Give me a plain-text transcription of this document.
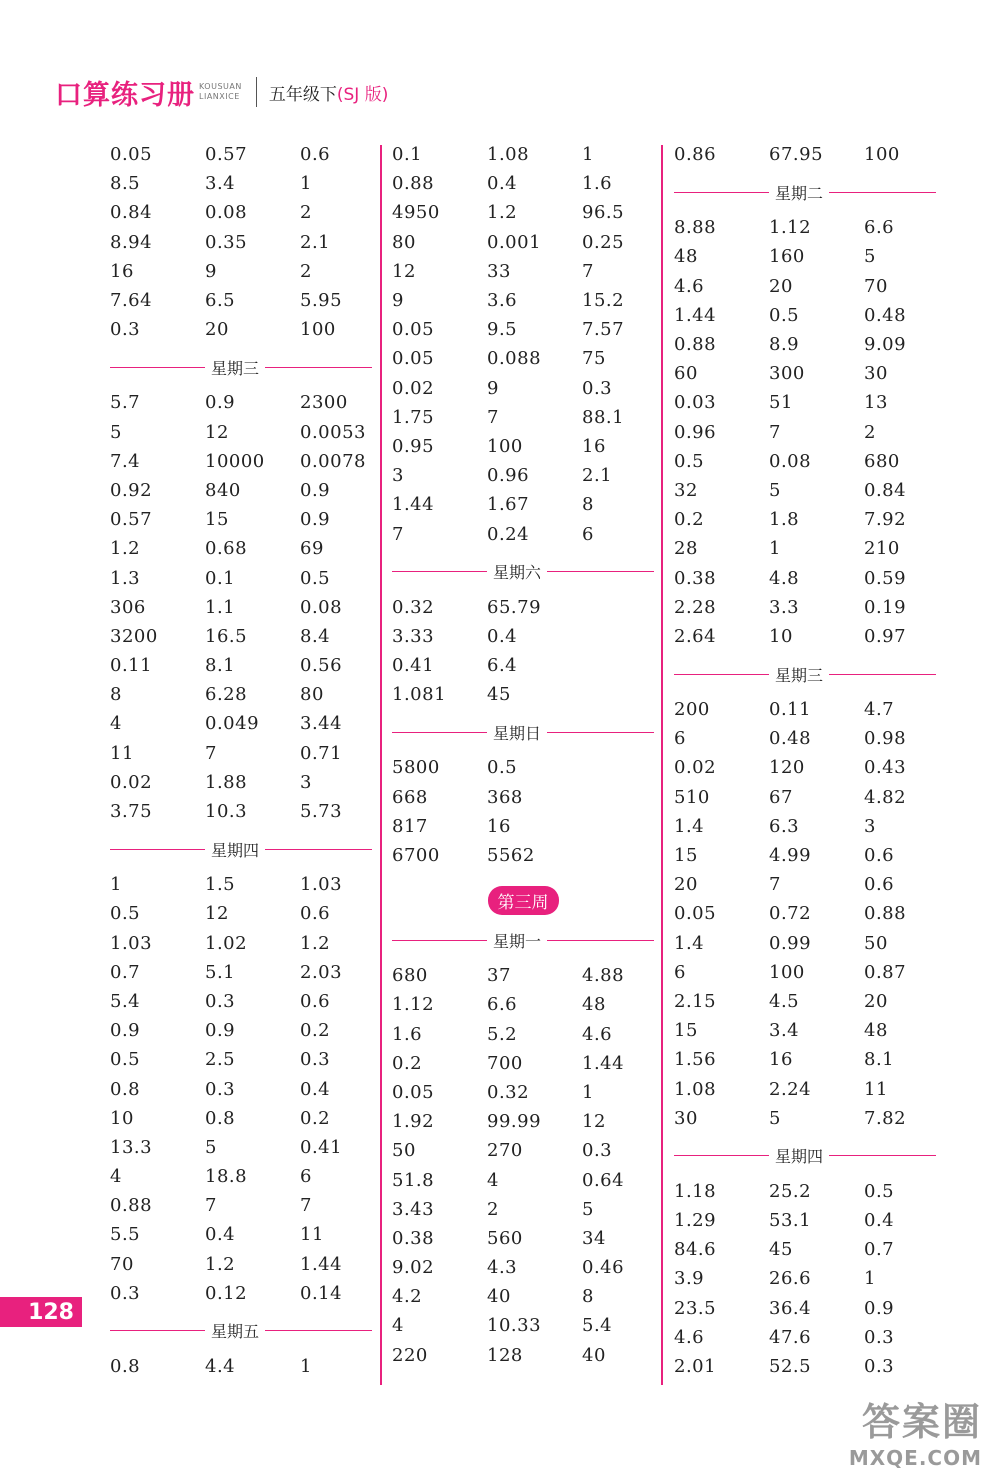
口算练习册 KOUSUAN
LIANXICE 五年级下 (SJ 版)
0.05	0.57	0.6
8.5	3.4	1
0.84	0.08	2
8.94	0.35	2.1
16	9	2
7.64	6.5	5.95
0.3	20	100
星期三
5.7	0.9	2300
5	12	0.0053
7.4	10000	0.0078
0.92	840	0.9
0.57	15	0.9
1.2	0.68	69
1.3	0.1	0.5
306	1.1	0.08
3200	16.5	8.4
0.11	8.1	0.56
8	6.28	80
4	0.049	3.44
11	7	0.71
0.02	1.88	3
3.75	10.3	5.73
星期四
1	1.5	1.03
0.5	12	0.6
1.03	1.02	1.2
0.7	5.1	2.03
5.4	0.3	0.6
0.9	0.9	0.2
0.5	2.5	0.3
0.8	0.3	0.4
10	0.8	0.2
13.3	5	0.41
4	18.8	6
0.88	7	7
5.5	0.4	11
70	1.2	1.44
0.3	0.12	0.14
星期五
0.8	4.4	1
0.1	1.08	1
0.88	0.4	1.6
4950	1.2	96.5
80	0.001	0.25
12	33	7
9	3.6	15.2
0.05	9.5	7.57
0.05	0.088	75
0.02	9	0.3
1.75	7	88.1
0.95	100	16
3	0.96	2.1
1.44	1.67	8
7	0.24	6
星期六
0.32	65.79
3.33	0.4
0.41	6.4
1.081	45
星期日
5800	0.5
668	368
817	16
6700	5562
第三周
星期一
680	37	4.88
1.12	6.6	48
1.6	5.2	4.6
0.2	700	1.44
0.05	0.32	1
1.92	99.99	12
50	270	0.3
51.8	4	0.64
3.43	2	5
0.38	560	34
9.02	4.3	0.46
4.2	40	8
4	10.33	5.4
220	128	40
0.86	67.95	100
星期二
8.88	1.12	6.6
48	160	5
4.6	20	70
1.44	0.5	0.48
0.88	8.9	9.09
60	300	30
0.03	51	13
0.96	7	2
0.5	0.08	680
32	5	0.84
0.2	1.8	7.92
28	1	210
0.38	4.8	0.59
2.28	3.3	0.19
2.64	10	0.97
星期三
200	0.11	4.7
6	0.48	0.98
0.02	120	0.43
510	67	4.82
1.4	6.3	3
15	4.99	0.6
20	7	0.6
0.05	0.72	0.88
1.4	0.99	50
6	100	0.87
2.15	4.5	20
15	3.4	48
1.56	16	8.1
1.08	2.24	11
30	5	7.82
星期四
1.18	25.2	0.5
1.29	53.1	0.4
84.6	45	0.7
3.9	26.6	1
23.5	36.4	0.9
4.6	47.6	0.3
2.01	52.5	0.3
128
答案圈
MXQE.COM
